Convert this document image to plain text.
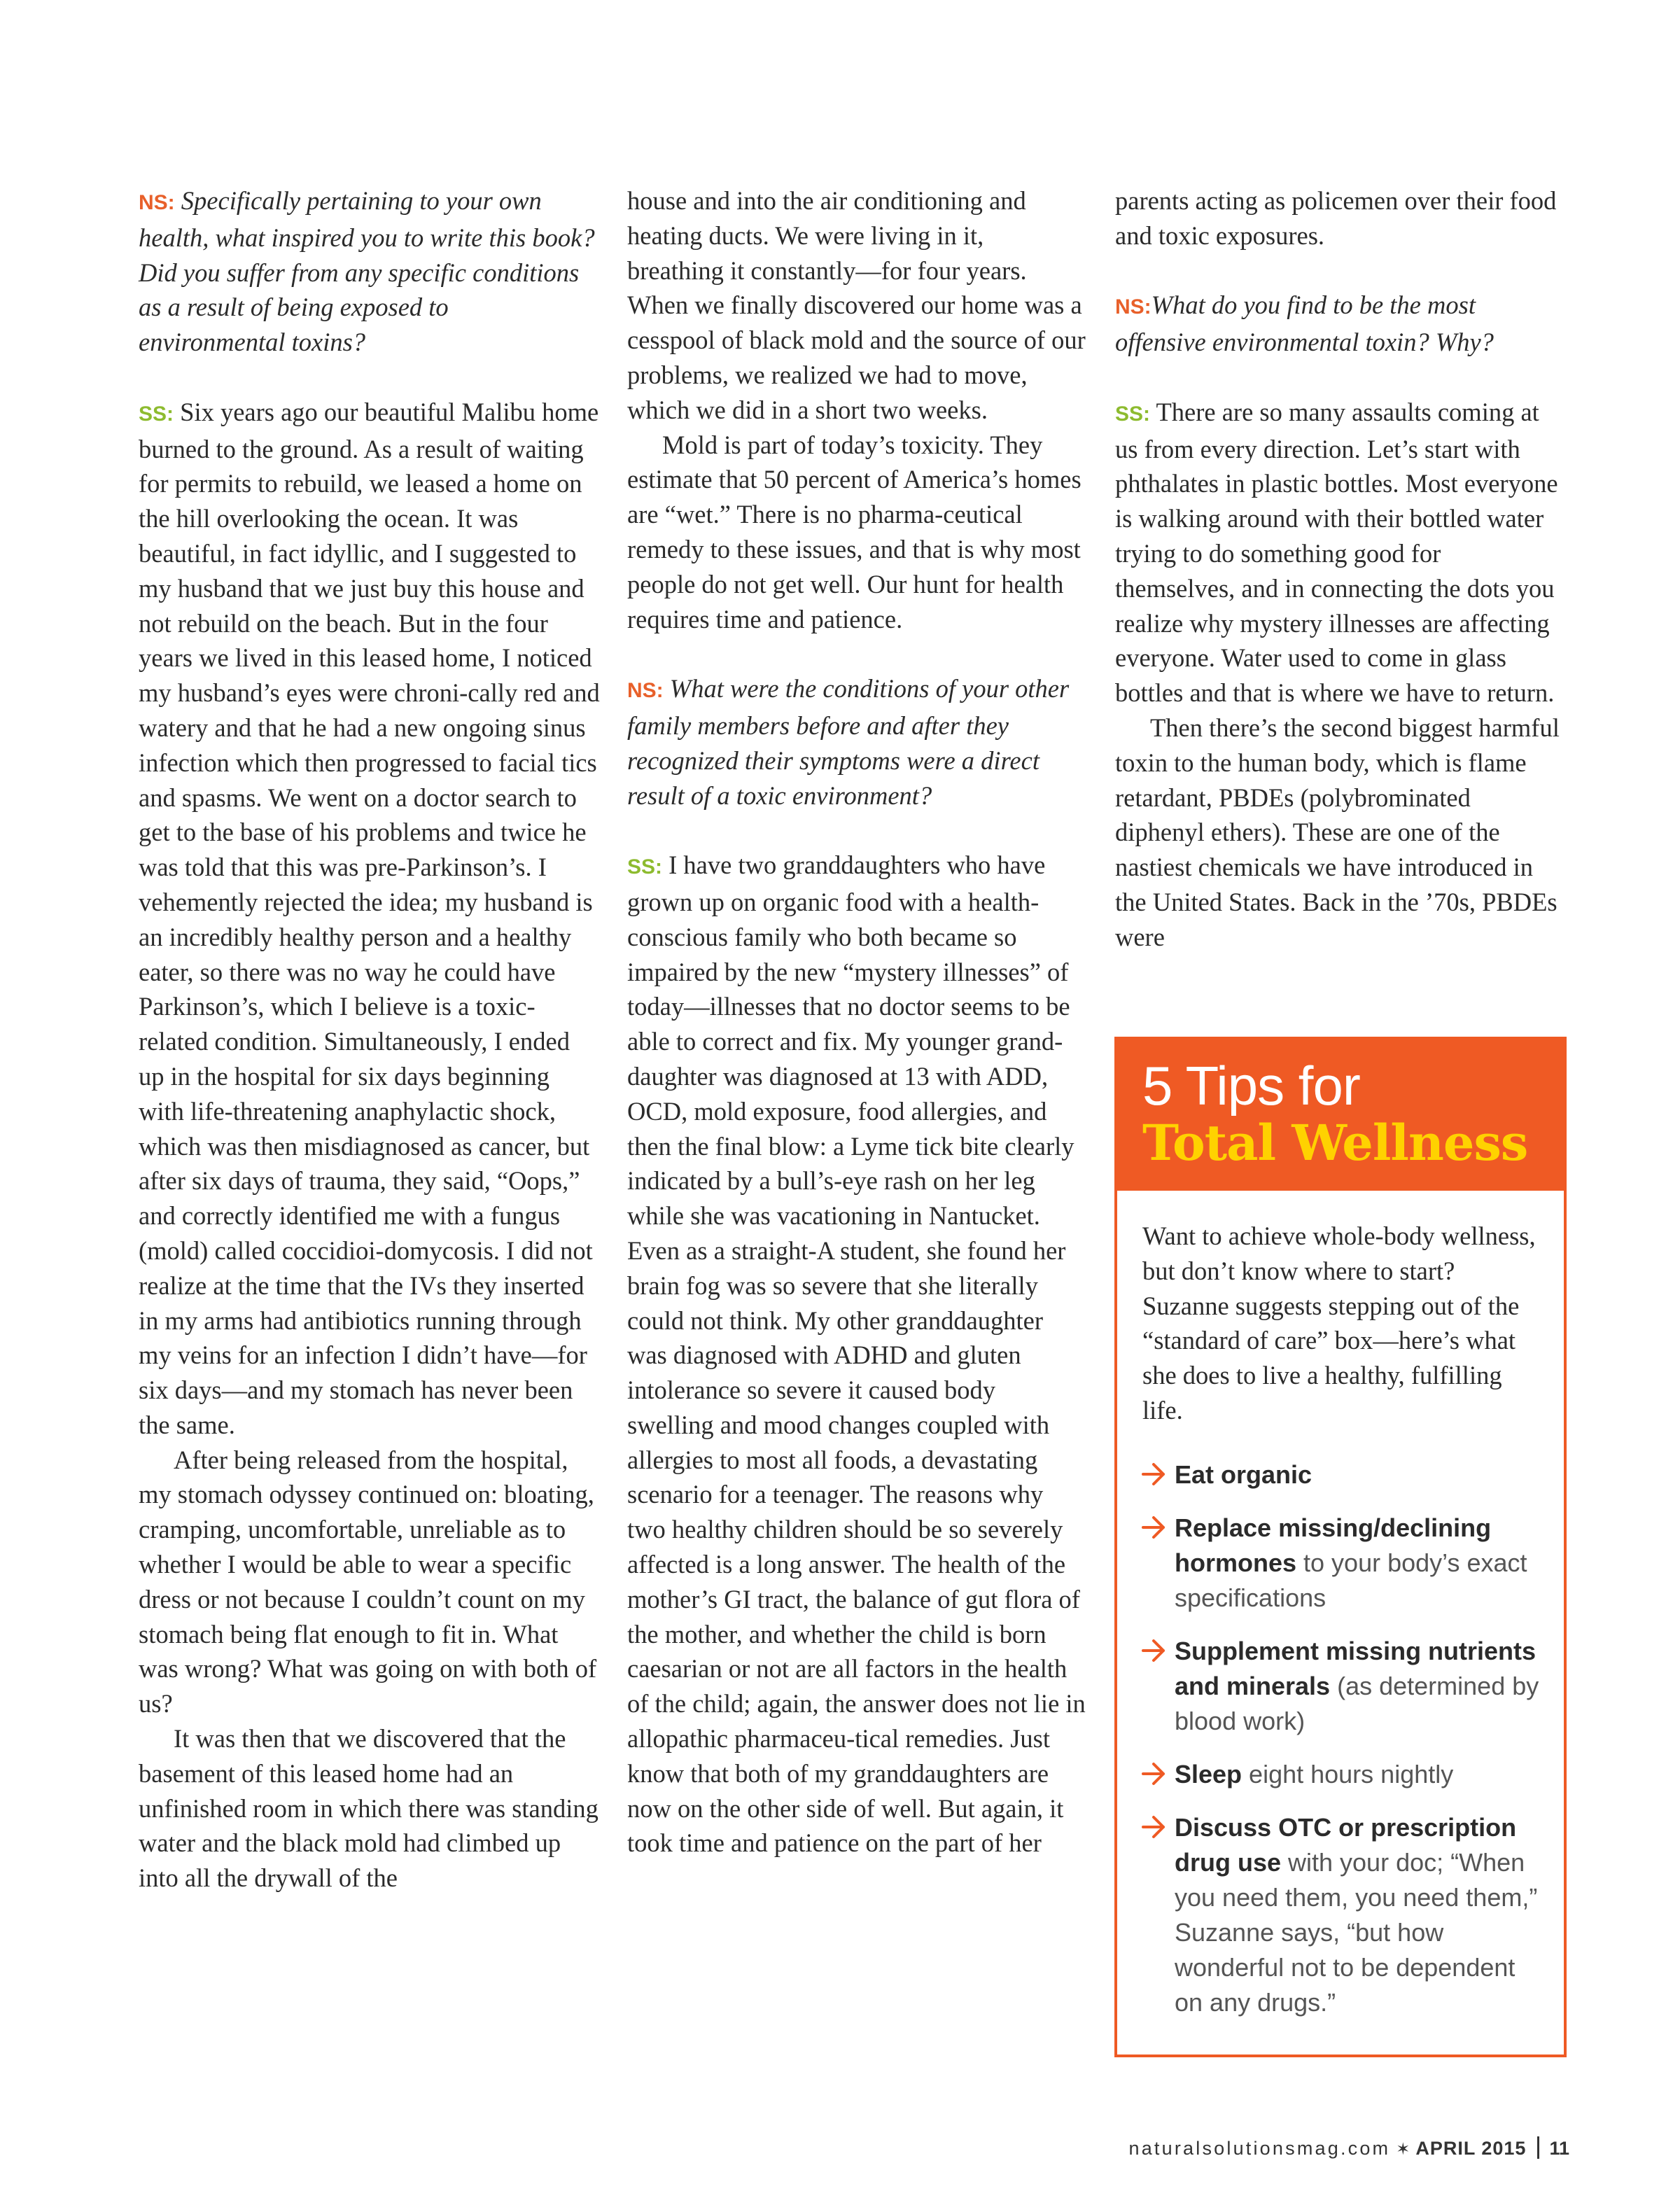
NS: Specifically pertaining to your own health, what inspired you to write this book? Did you suffer from any specific conditions as a result of being exposed to environmental toxins?

SS: Six years ago our beautiful Malibu home burned to the ground. As a result of waiting for permits to rebuild, we leased a home on the hill overlooking the ocean. It was beautiful, in fact idyllic, and I suggested to my husband that we just buy this house and not rebuild on the beach. But in the four years we lived in this leased home, I noticed my husband’s eyes were chroni-cally red and watery and that he had a new ongoing sinus infection which then progressed to facial tics and spasms. We went on a doctor search to get to the base of his problems and twice he was told that this was pre-Parkinson’s. I vehemently rejected the idea; my husband is an incredibly healthy person and a healthy eater, so there was no way he could have Parkinson’s, which I believe is a toxic-related condition. Simultaneously, I ended up in the hospital for six days beginning with life-threatening anaphylactic shock, which was then misdiagnosed as cancer, but after six days of trauma, they said, “Oops,” and correctly identified me with a fungus (mold) called coccidioi-domycosis. I did not realize at the time that the IVs they inserted in my arms had antibiotics running through my veins for an infection I didn’t have—for six days—and my stomach has never been the same.

After being released from the hospital, my stomach odyssey continued on: bloating, cramping, uncomfortable, unreliable as to whether I would be able to wear a specific dress or not because I couldn’t count on my stomach being flat enough to fit in. What was wrong? What was going on with both of us?

It was then that we discovered that the basement of this leased home had an unfinished room in which there was standing water and the black mold had climbed up into all the drywall of the

house and into the air conditioning and heating ducts. We were living in it, breathing it constantly—for four years. When we finally discovered our home was a cesspool of black mold and the source of our problems, we realized we had to move, which we did in a short two weeks.

Mold is part of today’s toxicity. They estimate that 50 percent of America’s homes are “wet.” There is no pharma-ceutical remedy to these issues, and that is why most people do not get well. Our hunt for health requires time and patience.

NS: What were the conditions of your other family members before and after they recognized their symptoms were a direct result of a toxic environment?

SS: I have two granddaughters who have grown up on organic food with a health-conscious family who both became so impaired by the new “mystery illnesses” of today—illnesses that no doctor seems to be able to correct and fix. My younger grand-daughter was diagnosed at 13 with ADD, OCD, mold exposure, food allergies, and then the final blow: a Lyme tick bite clearly indicated by a bull’s-eye rash on her leg while she was vacationing in Nantucket. Even as a straight-A student, she found her brain fog was so severe that she literally could not think. My other granddaughter was diagnosed with ADHD and gluten intolerance so severe it caused body swelling and mood changes coupled with allergies to most all foods, a devastating scenario for a teenager. The reasons why two healthy children should be so severely affected is a long answer. The health of the mother’s GI tract, the balance of gut flora of the mother, and whether the child is born caesarian or not are all factors in the health of the child; again, the answer does not lie in allopathic pharmaceu-tical remedies. Just know that both of my granddaughters are now on the other side of well. But again, it took time and patience on the part of her

parents acting as policemen over their food and toxic exposures.

NS:What do you find to be the most offensive environmental toxin? Why?

SS: There are so many assaults coming at us from every direction. Let’s start with phthalates in plastic bottles. Most everyone is walking around with their bottled water trying to do something good for themselves, and in connecting the dots you realize why mystery illnesses are affecting everyone. Water used to come in glass bottles and that is where we have to return.

Then there’s the second biggest harmful toxin to the human body, which is flame retardant, PBDEs (polybrominated diphenyl ethers). These are one of the nastiest chemicals we have introduced in the United States. Back in the ’70s, PBDEs were

5 Tips for
Total Wellness
Want to achieve whole-body wellness, but don’t know where to start? Suzanne suggests stepping out of the “standard of care” box—here’s what she does to live a healthy, fulfilling life.
Eat organic
Replace missing/declining hormones to your body’s exact specifications
Supplement missing nutrients and minerals (as determined by blood work)
Sleep eight hours nightly
Discuss OTC or prescription drug use with your doc; “When you need them, you need them,” Suzanne says, “but how wonderful not to be dependent on any drugs.”
naturalsolutionsmag.com ✶ APRIL 2015 11
